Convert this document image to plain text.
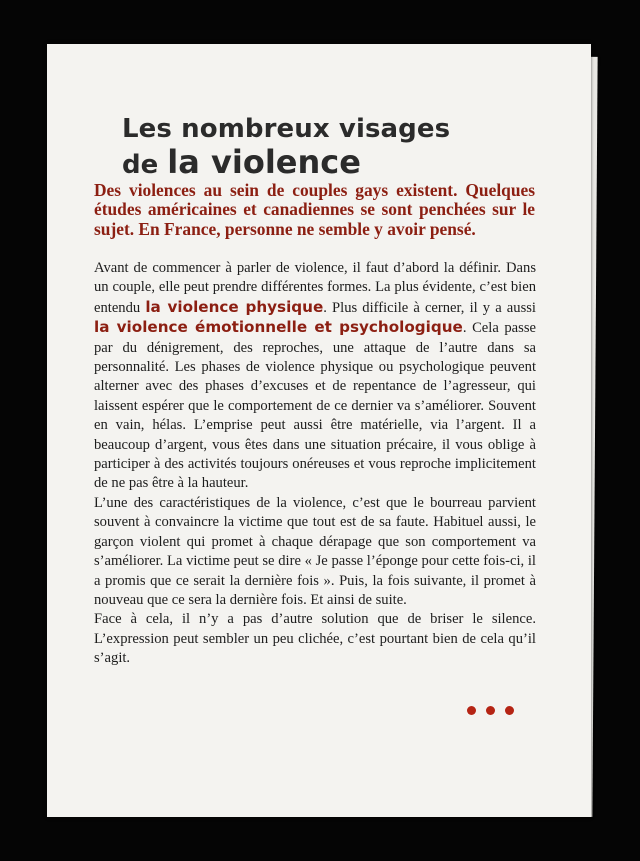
Les nombreux visages
de la violence
Des violences au sein de couples gays existent. Quelques études américaines et canadiennes se sont penchées sur le sujet. En France, personne ne semble y avoir pensé.

Avant de commencer à parler de violence, il faut d’abord la définir. Dans un couple, elle peut prendre différentes formes. La plus évidente, c’est bien entendu la violence physique. Plus difficile à cerner, il y a aussi la violence émotionnelle et psychologique. Cela passe par du dénigrement, des reproches, une attaque de l’autre dans sa personnalité. Les phases de violence physique ou psychologique peuvent alterner avec des phases d’excuses et de repentance de l’agresseur, qui laissent espérer que le comportement de ce dernier va s’améliorer. Souvent en vain, hélas. L’emprise peut aussi être matérielle, via l’argent. Il a beaucoup d’argent, vous êtes dans une situation précaire, il vous oblige à participer à des activités toujours onéreuses et vous reproche implicitement de ne pas être à la hauteur.

L’une des caractéristiques de la violence, c’est que le bourreau parvient souvent à convaincre la victime que tout est de sa faute. Habituel aussi, le garçon violent qui promet à chaque dérapage que son comportement va s’améliorer. La victime peut se dire « Je passe l’éponge pour cette fois-ci, il a promis que ce serait la dernière fois ». Puis, la fois suivante, il promet à nouveau que ce sera la dernière fois. Et ainsi de suite.

Face à cela, il n’y a pas d’autre solution que de briser le silence. L’expression peut sembler un peu clichée, c’est pourtant bien de cela qu’il s’agit.
